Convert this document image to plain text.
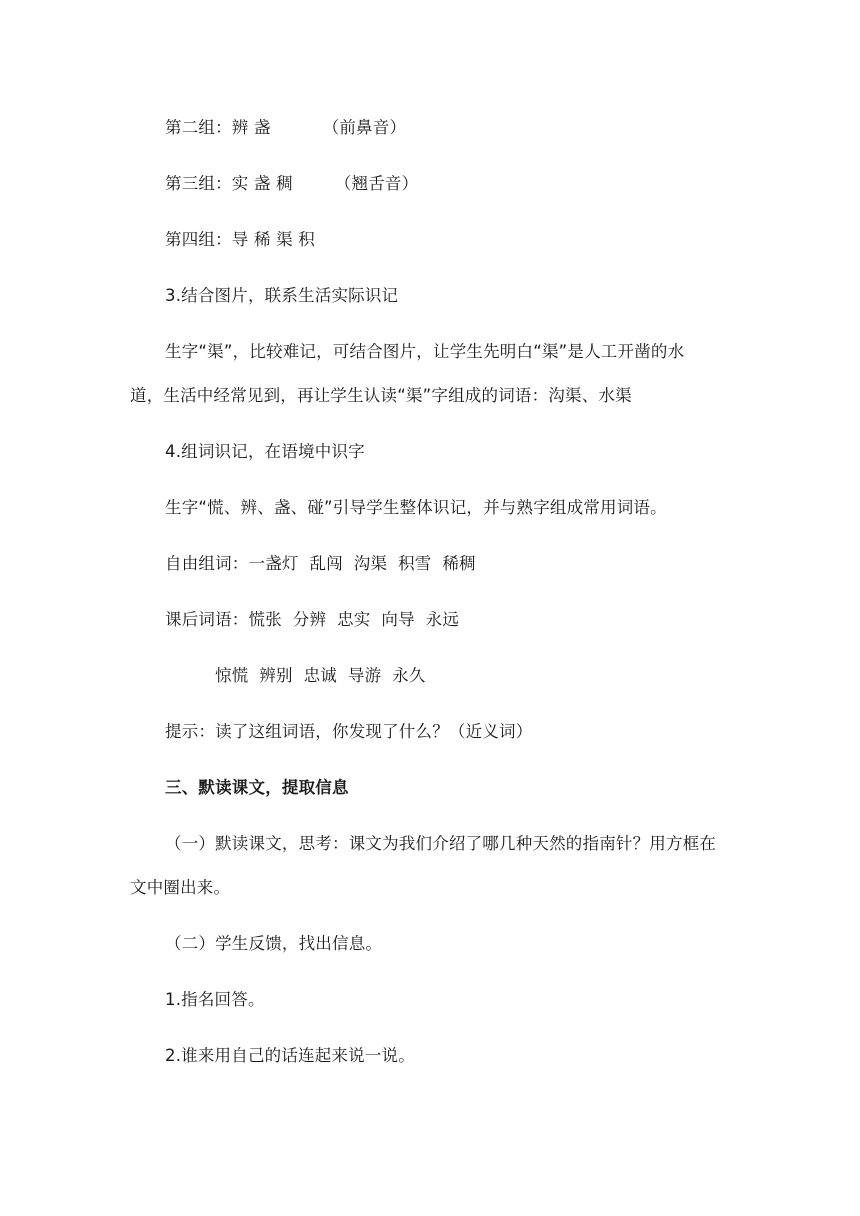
第二组：辨 盏	（前鼻音）
第三组：实 盏 稠	（翘舌音）
第四组：导 稀 渠 积
3.结合图片，联系生活实际识记
生字“渠”，比较难记，可结合图片，让学生先明白“渠”是人工开凿的水
道，生活中经常见到，再让学生认读“渠”字组成的词语：沟渠、水渠
4.组词识记，在语境中识字
生字“慌、辨、盏、碰”引导学生整体识记，并与熟字组成常用词语。
自由组词：一盏灯  乱闯  沟渠  积雪  稀稠
课后词语：慌张  分辨  忠实  向导  永远
惊慌  辨别  忠诚  导游  永久
提示：读了这组词语，你发现了什么？（近义词）
三、默读课文，提取信息
（一）默读课文，思考：课文为我们介绍了哪几种天然的指南针？用方框在
文中圈出来。
（二）学生反馈，找出信息。
1.指名回答。
2.谁来用自己的话连起来说一说。
